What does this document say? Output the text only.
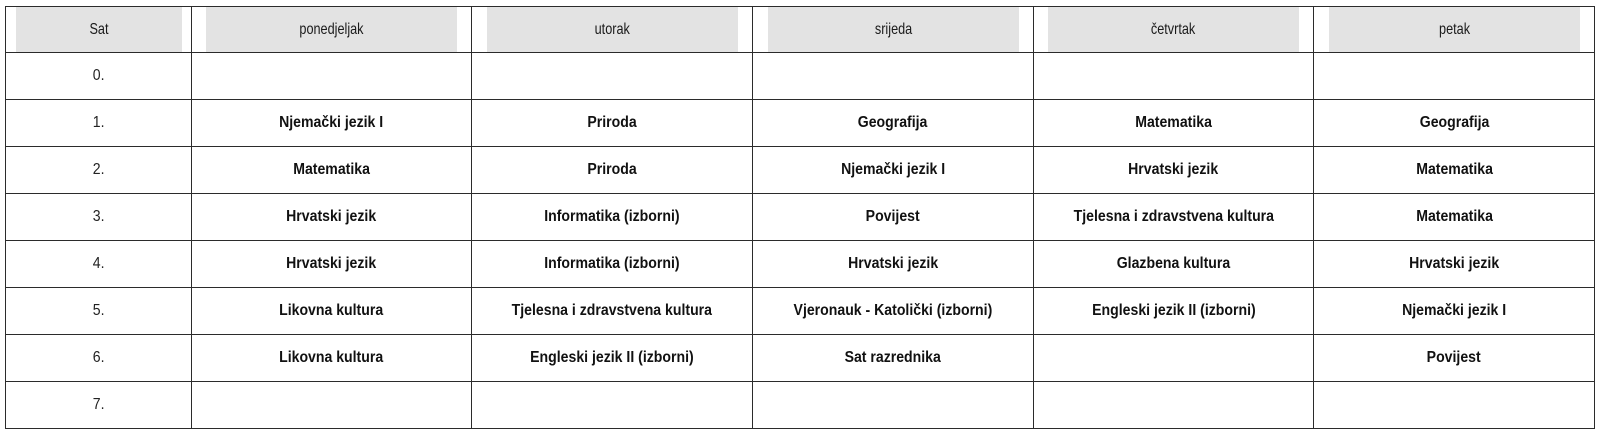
Sat	ponedjeljak	utorak	srijeda	četvrtak	petak
0.					
1.	Njemački jezik I	Priroda	Geografija	Matematika	Geografija
2.	Matematika	Priroda	Njemački jezik I	Hrvatski jezik	Matematika
3.	Hrvatski jezik	Informatika (izborni)	Povijest	Tjelesna i zdravstvena kultura	Matematika
4.	Hrvatski jezik	Informatika (izborni)	Hrvatski jezik	Glazbena kultura	Hrvatski jezik
5.	Likovna kultura	Tjelesna i zdravstvena kultura	Vjeronauk - Katolički (izborni)	Engleski jezik II (izborni)	Njemački jezik I
6.	Likovna kultura	Engleski jezik II (izborni)	Sat razrednika		Povijest
7.					
